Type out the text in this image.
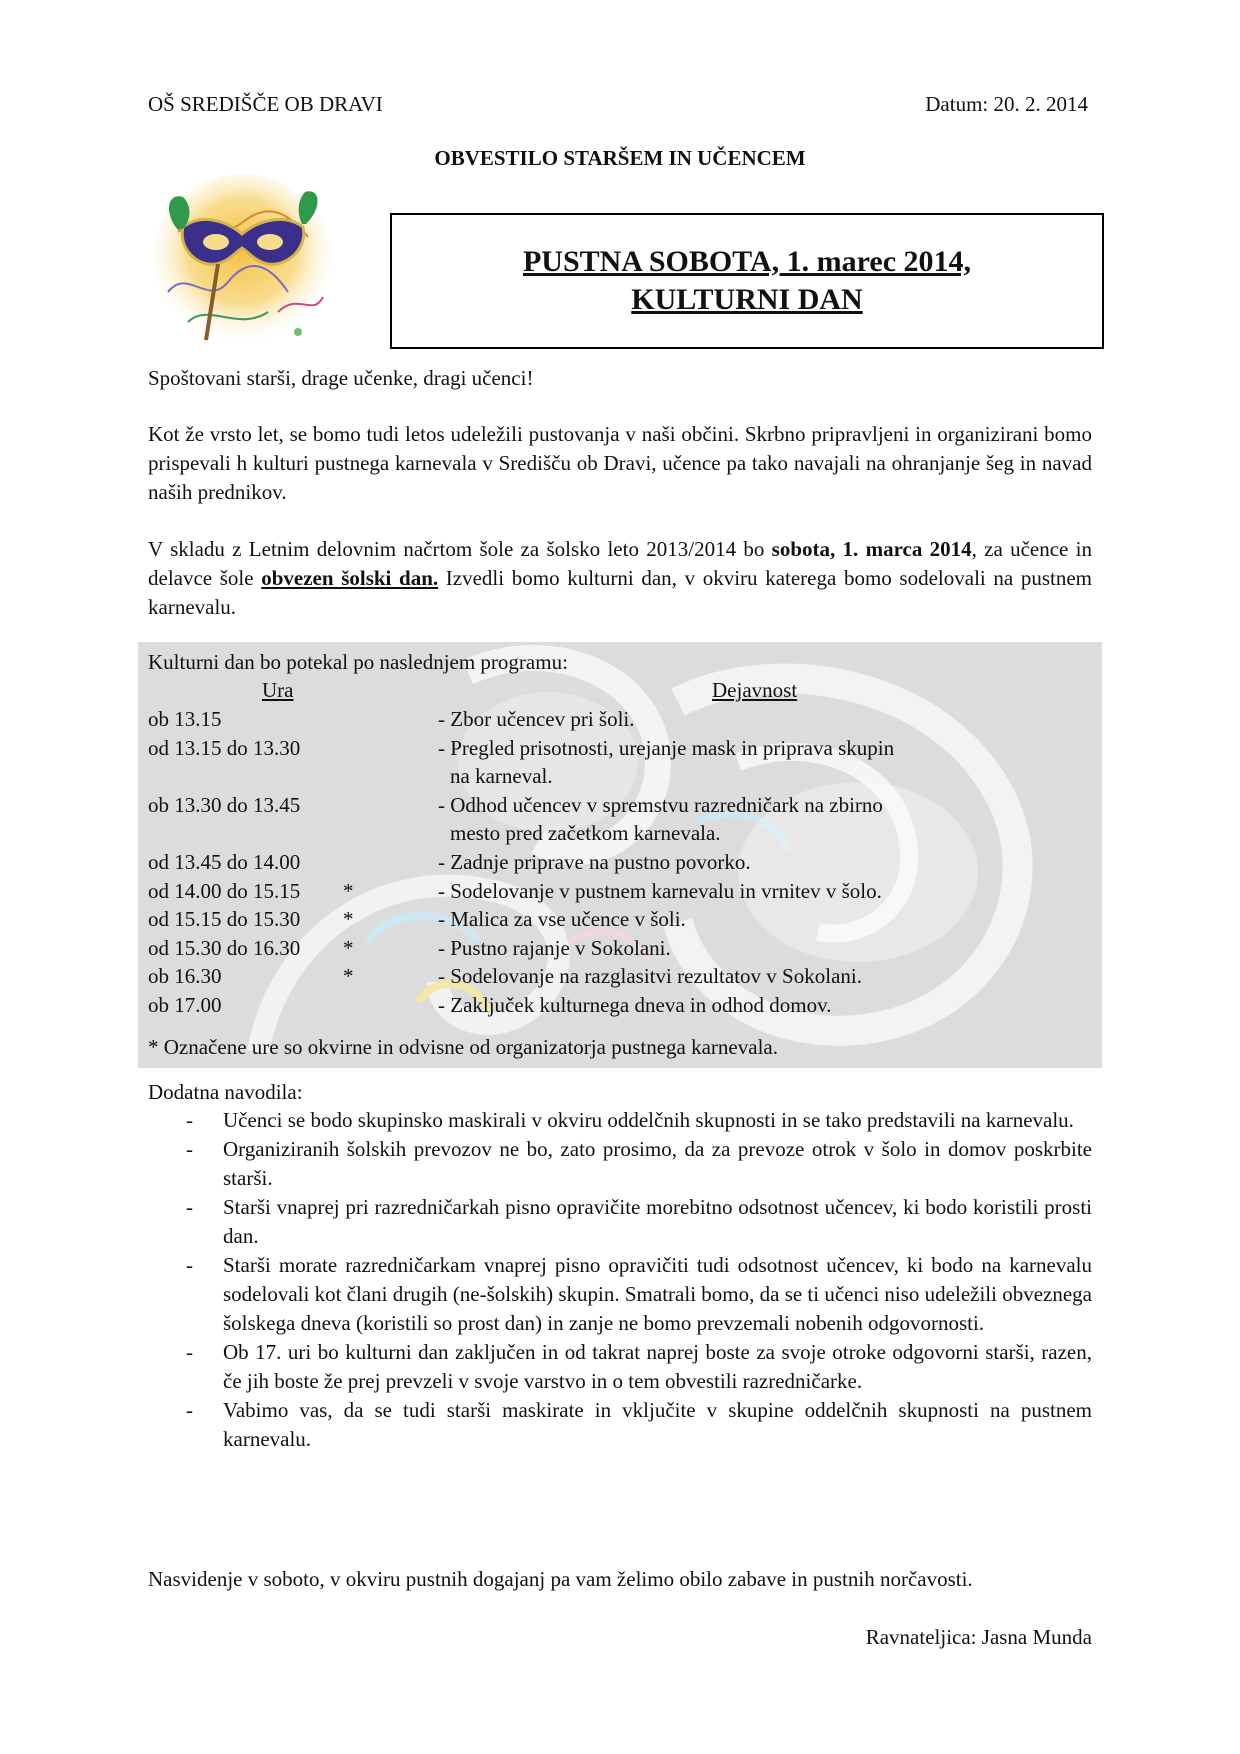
OŠ SREDIŠČE OB DRAVI	Datum: 20. 2. 2014
OBVESTILO STARŠEM IN UČENCEM
PUSTNA SOBOTA, 1. marec 2014,
KULTURNI DAN
Spoštovani starši, drage učenke, dragi učenci!
Kot že vrsto let, se bomo tudi letos udeležili pustovanja v naši občini. Skrbno pripravljeni in organizirani bomo prispevali h kulturi pustnega karnevala v Središču ob Dravi, učence pa tako navajali na ohranjanje šeg in navad naših prednikov.
V skladu z Letnim delovnim načrtom šole za šolsko leto 2013/2014 bo sobota, 1. marca 2014, za učence in delavce šole obvezen šolski dan. Izvedli bomo kulturni dan, v okviru katerega bomo sodelovali na pustnem karnevalu.
Kulturni dan bo potekal po naslednjem programu:
Ura	Dejavnost
ob 13.15	- Zbor učencev pri šoli.
od 13.15 do 13.30	- Pregled prisotnosti, urejanje mask in priprava skupin
na karneval.
ob 13.30 do 13.45	- Odhod učencev v spremstvu razredničark na zbirno
mesto pred začetkom karnevala.
od 13.45 do 14.00	- Zadnje priprave na pustno povorko.
od 14.00 do 15.15	*	- Sodelovanje v pustnem karnevalu in vrnitev v šolo.
od 15.15 do 15.30	*	- Malica za vse učence v šoli.
od 15.30 do 16.30	*	- Pustno rajanje v Sokolani.
ob 16.30	*	- Sodelovanje na razglasitvi rezultatov v Sokolani.
ob 17.00	- Zaključek kulturnega dneva in odhod domov.
* Označene ure so okvirne in odvisne od organizatorja pustnega karnevala.
Dodatna navodila:
-	Učenci se bodo skupinsko maskirali v okviru oddelčnih skupnosti in se tako predstavili na karnevalu.
-	Organiziranih šolskih prevozov ne bo, zato prosimo, da za prevoze otrok v šolo in domov poskrbite starši.
-	Starši vnaprej pri razredničarkah pisno opravičite morebitno odsotnost učencev, ki bodo koristili prosti dan.
-	Starši morate razredničarkam vnaprej pisno opravičiti tudi odsotnost učencev, ki bodo na karnevalu sodelovali kot člani drugih (ne-šolskih) skupin. Smatrali bomo, da se ti učenci niso udeležili obveznega šolskega dneva (koristili so prost dan) in zanje ne bomo prevzemali nobenih odgovornosti.
-	Ob 17. uri bo kulturni dan zaključen in od takrat naprej boste za svoje otroke odgovorni starši, razen, če jih boste že prej prevzeli v svoje varstvo in o tem obvestili razredničarke.
-	Vabimo vas, da se tudi starši maskirate in vključite v skupine oddelčnih skupnosti na pustnem karnevalu.
Nasvidenje v soboto, v okviru pustnih dogajanj pa vam želimo obilo zabave in pustnih norčavosti.
Ravnateljica: Jasna Munda
